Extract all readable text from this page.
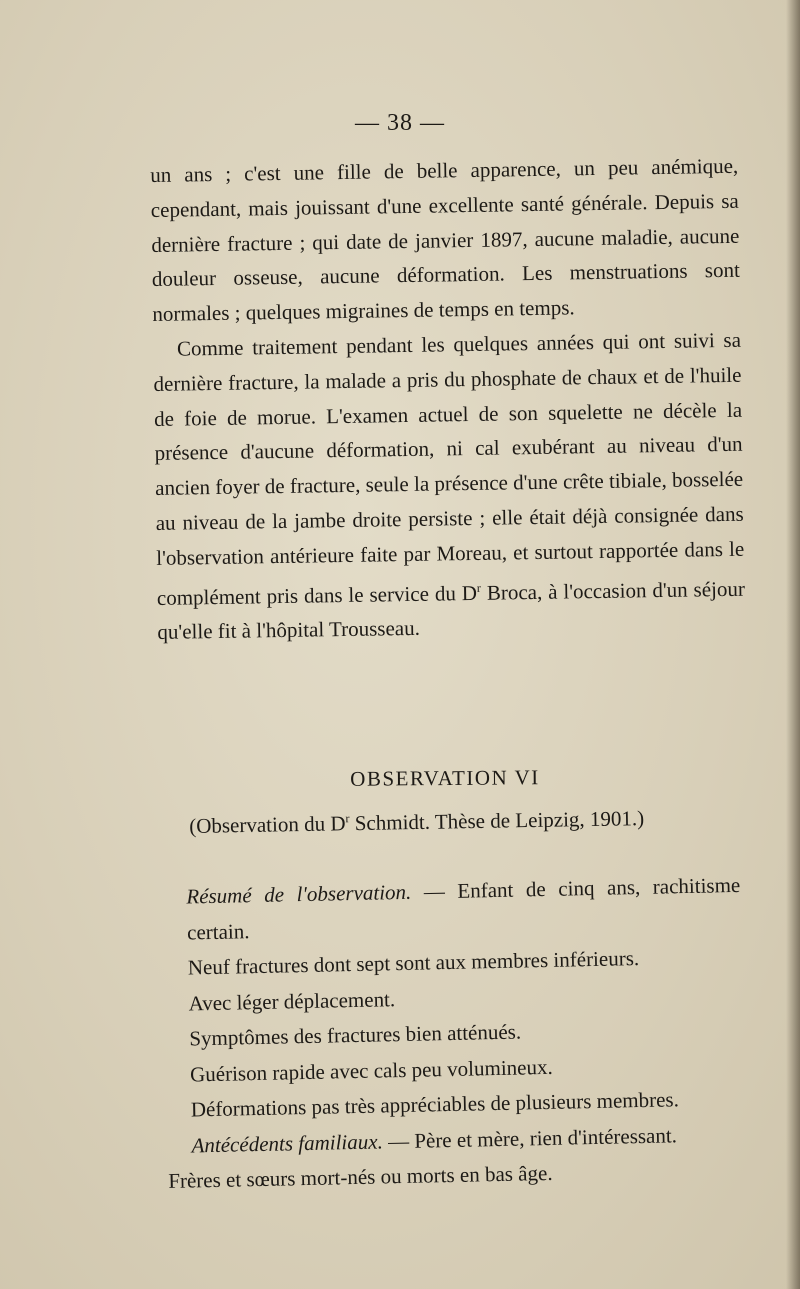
— 38 —

un ans ; c'est une fille de belle apparence, un peu anémique, cependant, mais jouissant d'une excellente santé générale. Depuis sa dernière fracture ; qui date de janvier 1897, aucune maladie, aucune douleur osseuse, aucune déformation. Les menstruations sont normales ; quelques migraines de temps en temps.

Comme traitement pendant les quelques années qui ont suivi sa dernière fracture, la malade a pris du phosphate de chaux et de l'huile de foie de morue. L'examen actuel de son squelette ne décèle la présence d'aucune déformation, ni cal exubérant au niveau d'un ancien foyer de fracture, seule la présence d'une crête tibiale, bosselée au niveau de la jambe droite persiste ; elle était déjà consignée dans l'observation antérieure faite par Moreau, et surtout rapportée dans le complément pris dans le service du $D^r$ Broca, à l'occasion d'un séjour qu'elle fit à l'hôpital Trousseau.

OBSERVATION VI
(Observation du $D^r$ Schmidt. Thèse de Leipzig, 1901.)

Résumé de l'observation. — Enfant de cinq ans, rachitisme certain.

Neuf fractures dont sept sont aux membres inférieurs.

Avec léger déplacement.

Symptômes des fractures bien atténués.

Guérison rapide avec cals peu volumineux.

Déformations pas très appréciables de plusieurs membres.

Antécédents familiaux. — Père et mère, rien d'intéressant.

Frères et sœurs mort-nés ou morts en bas âge.
